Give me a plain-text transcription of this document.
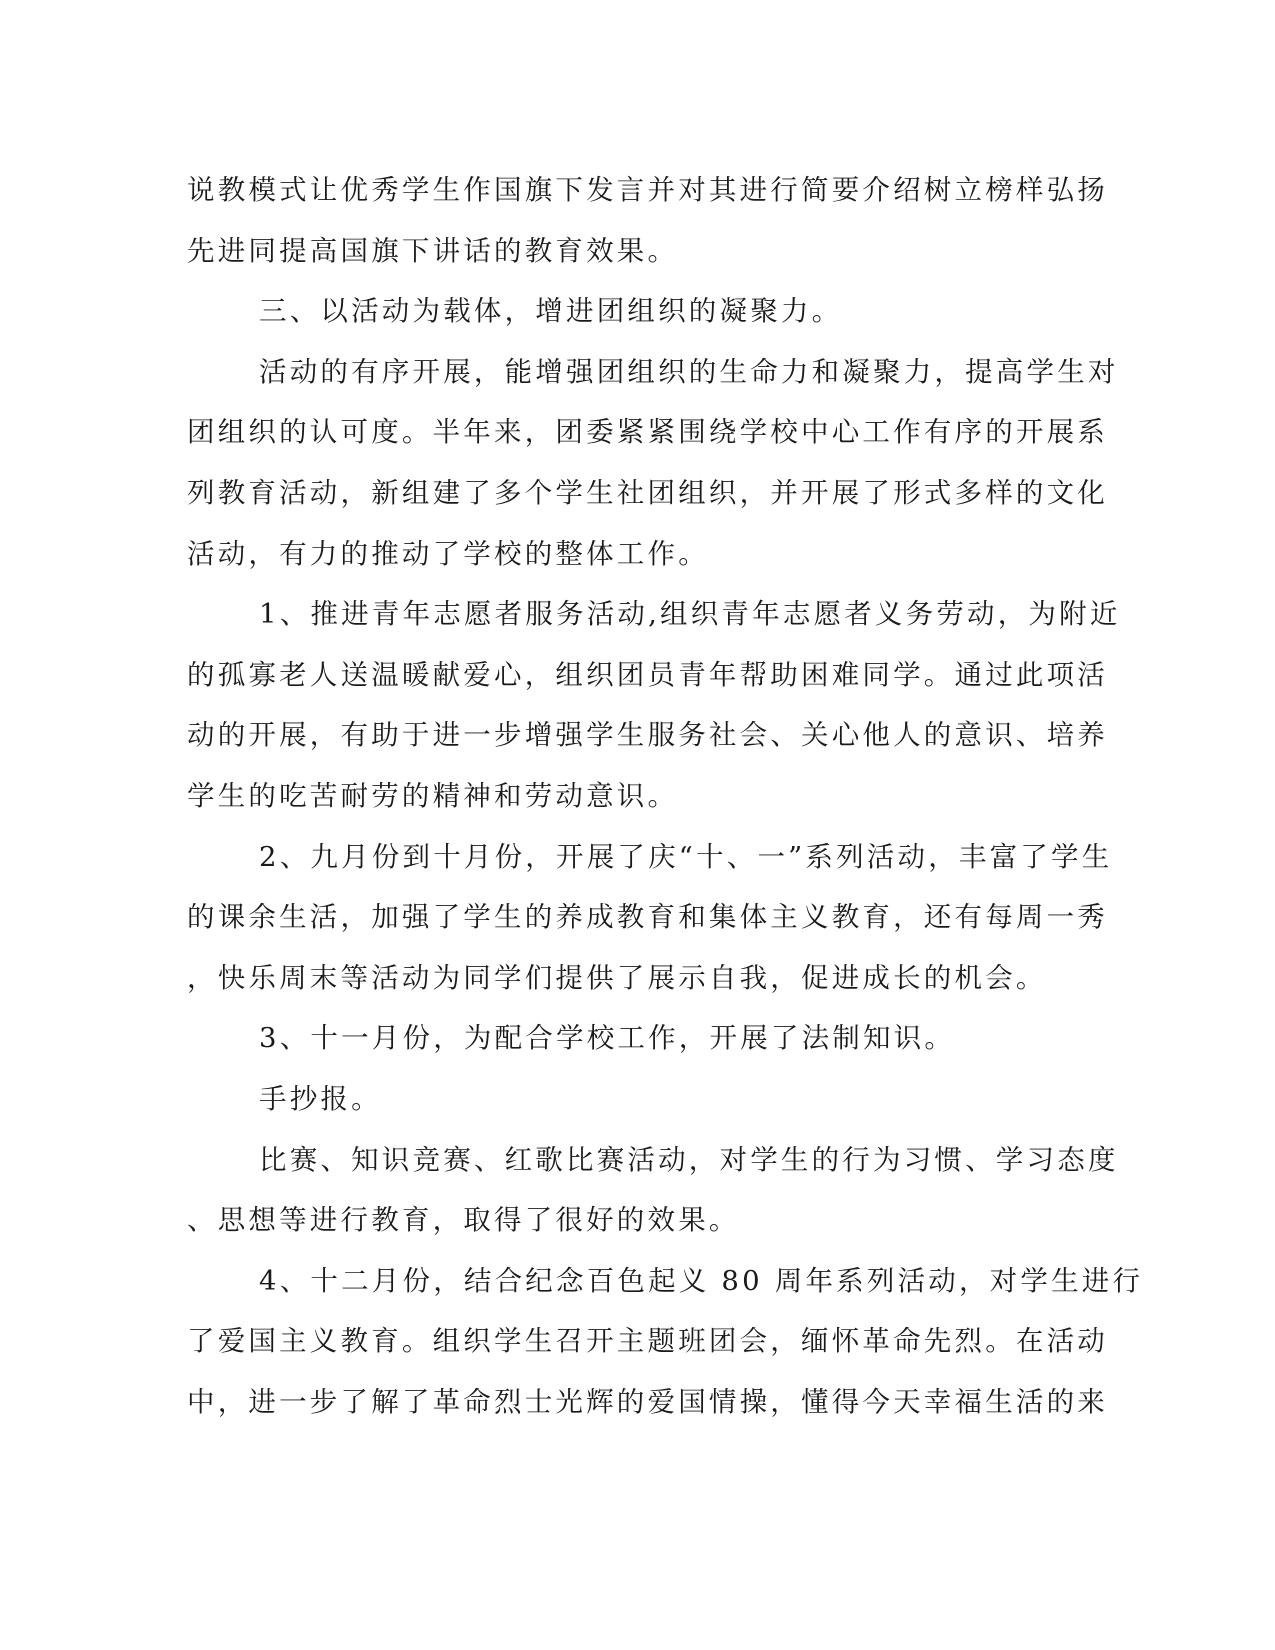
说教模式让优秀学生作国旗下发言并对其进行简要介绍树立榜样弘扬
先进同提高国旗下讲话的教育效果。
三、以活动为载体，增进团组织的凝聚力。
活动的有序开展，能增强团组织的生命力和凝聚力，提高学生对
团组织的认可度。半年来，团委紧紧围绕学校中心工作有序的开展系
列教育活动，新组建了多个学生社团组织，并开展了形式多样的文化
活动，有力的推动了学校的整体工作。
1、推进青年志愿者服务活动,组织青年志愿者义务劳动，为附近
的孤寡老人送温暖献爱心，组织团员青年帮助困难同学。通过此项活
动的开展，有助于进一步增强学生服务社会、关心他人的意识、培养
学生的吃苦耐劳的精神和劳动意识。
2、九月份到十月份，开展了庆“十、一”系列活动，丰富了学生
的课余生活，加强了学生的养成教育和集体主义教育，还有每周一秀
，快乐周末等活动为同学们提供了展示自我，促进成长的机会。
3、十一月份，为配合学校工作，开展了法制知识。
手抄报。
比赛、知识竞赛、红歌比赛活动，对学生的行为习惯、学习态度
、思想等进行教育，取得了很好的效果。
4、十二月份，结合纪念百色起义 80 周年系列活动，对学生进行
了爱国主义教育。组织学生召开主题班团会，缅怀革命先烈。在活动
中，进一步了解了革命烈士光辉的爱国情操，懂得今天幸福生活的来
